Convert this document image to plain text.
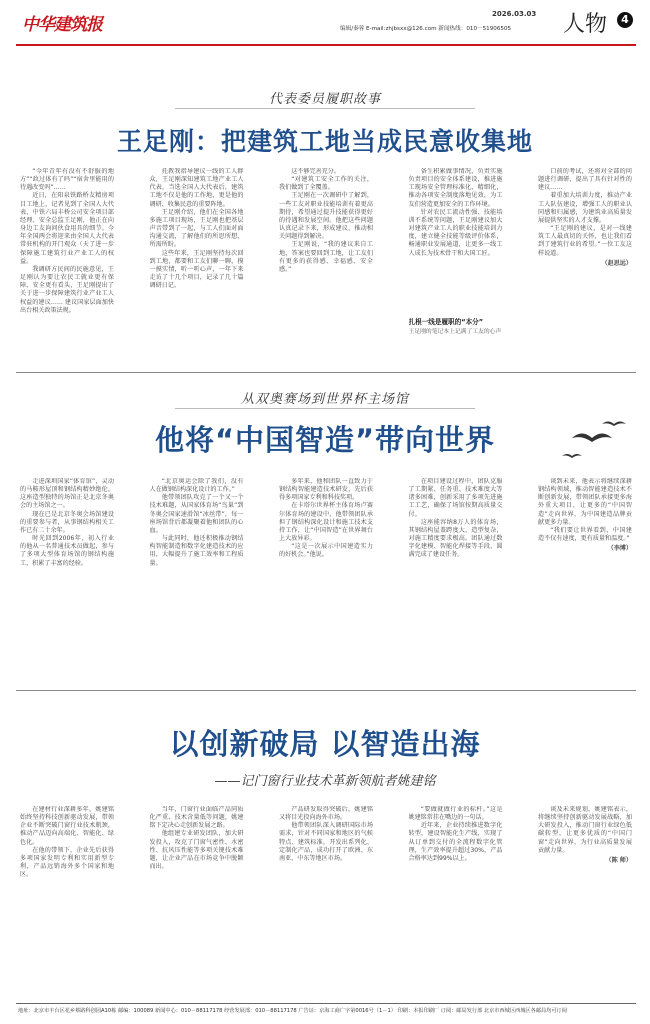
中华建筑报
2026.03.03
编辑/秦蓉 E-mail:zhjbsxx@126.com 新闻热线：010－51906505 人物	4
代表委员履职故事
王足刚：把建筑工地当成民意收集地

“今年青年有没有不舒服的地方”“政过体有了吗”“宿舍里能用的待遇改变吗”……

近日，在阳泉铁路桥友精房项目工地上，记者见到了全国人大代表、中铁六局丰桥公司安全项目部经理、安全总监王足刚，他正在向身边工友询问伙食用具的细节。今年全国两会将迎来由全国人大代表常驻机构的开门观众（天了进一步保障施工建筑行业产业工人的权益。

我调研方民间的民施意见，王足刚认为要让农民工就业更有保障、安全更有看头，王足刚提出了关于进一步保障建筑行业产业工人权益的建议…… 建议国家层面加快出台相关政策法规。

托教我指导建议一线的工人群众，王足刚深知建筑工地产业工人代表，当选全国人大代表后，建筑工地不仅是他的工作地，更是他的调研、收集民意的重要阵地。

王足刚介绍，他们在全国各地多施工项目现场，王足刚也把基层声音带到了一起，与工人们面对面沟通交流，了解他们的所思所想、所需所盼。

这些年来，王足刚坚持每次回到工地，都要和工友们聊一聊，摸一摸实情，听一听心声，一年下来走访了十几个项目，记录了几十篇调研日记。

这不够完善充分。

“对建筑工安全工作的关注，我们做到了全覆盖。

王足刚在一次调研中了解到，一些工友对职业技能培训有着更高期待，希望通过提升技能获得更好的待遇和发展空间。他把这些问题认真记录下来，形成建议，推动相关问题得到解决。

王足刚说，“我的建议来自工地，答案也要回到工地，让工友们有更多的获得感、幸福感、安全感。”

备生积累做事情况，负责实施负责项目的安全体系建设，推进施工现场安全管理标准化、精细化，推动各项安全制度落地见效，为工友们营造更加安全的工作环境。

针对农民工流动性强、技能培训不系统等问题，王足刚建议加大对建筑产业工人的职业技能培训力度，建立健全技能等级评价体系，畅通职业发展通道，让更多一线工人成长为技术骨干和大国工匠。

扎根一线是履职的“本分”
王足刚的笔记本上记满了工友的心声

口前的考试，还将对全部的问题进行调研，提出了具有针对性的建议……

着重加大培训力度，推动产业工人队伍建设，增强工人的职业认同感和归属感，为建筑业高质量发展提供坚实的人才支撑。

“王足刚的建议，是对一线建筑工人最真切的关怀，也让我们看到了建筑行业的希望。”一位工友这样说道。

（赵思远）
从双奥赛场到世界杯主场馆
他将“中国智造”带向世界

走进深圳国家“体育馆”，灵动的马鞍形屋顶和钢结构精妙绝伦，这座造型独特的场馆正是北京冬奥会的主场馆之一。

现在已是北京冬奥会场馆建设的重要参与者，从事钢结构相关工作已有二十余年。

时光回到2006年，初入行业的他从一名普通技术员做起，参与了多项大型体育场馆的钢结构施工，积累了丰富的经验。

“北京奥运会除了我们，没有人在做钢结构深化设计的工作。”

他带领团队攻克了一个又一个技术难题，从国家体育场“鸟巢”到冬奥会国家速滑馆“冰丝带”，每一座场馆背后都凝聚着他和团队的心血。

与此同时，他还积极推动钢结构智能制造和数字化建造技术的应用，大幅提升了施工效率和工程质量。

多年来，他和团队一直致力于钢结构智能建造技术研发，先后获得多项国家专利和科技奖项。

在卡塔尔世界杯主体育场卢赛尔体育场的建设中，他带领团队承担了钢结构深化设计和施工技术支持工作，让“中国智造”在世界舞台上大放异彩。

“这是一次展示中国建造实力的好机会。”他说。

在项目建设过程中，团队克服了工期紧、任务重、技术难度大等诸多困难，创新采用了多项先进施工工艺，确保了场馆按期高质量交付。

这座能容纳8万人的体育场，其钢结构屋盖跨度大、造型复杂，对施工精度要求极高。团队通过数字化建模、智能化焊接等手段，圆满完成了建设任务。

谈到未来，他表示将继续深耕钢结构领域，推动智能建造技术不断创新发展，带领团队承接更多海外重大项目，让更多的“中国智造”走向世界，为中国建造品牌贡献更多力量。

“我们要让世界看到，中国建造不仅有速度，更有质量和温度。”

（李博）
以创新破局 以智造出海
——记门窗行业技术革新领航者姚建铭

在建材行业深耕多年，姚建铭始终坚持科技创新驱动发展，带领企业不断突破门窗行业技术瓶颈，推动产品迈向高端化、智能化、绿色化。

在他的带领下，企业先后获得多项国家发明专利和实用新型专利，产品远销海外多个国家和地区。

当年，门窗行业面临产品同质化严重、技术含量低等问题，姚建铭下定决心走创新发展之路。

他组建专业研发团队，加大研发投入，攻克了门窗气密性、水密性、抗风压性能等多项关键技术难题，让企业产品在市场竞争中脱颖而出。

产品研发取得突破后，姚建铭又将目光投向海外市场。

他带领团队深入调研国际市场需求，针对不同国家和地区的气候特点、建筑标准，开发出系列化、定制化产品，成功打开了欧洲、东南亚、中东等地区市场。

“要做就做行业的标杆。”这是姚建铭常挂在嘴边的一句话。

近年来，企业持续推进数字化转型，建设智能化生产线，实现了从订单到交付的全流程数字化管理，生产效率提升超过30%，产品合格率达到99%以上。

谈及未来规划，姚建铭表示，将继续坚持创新驱动发展战略，加大研发投入，推动门窗行业绿色低碳转型，让更多优质的“中国门窗”走向世界，为行业高质量发展贡献力量。

（陈 师）
地址：北京市丰台区花乡蔡路科创园A10栋 邮编：100089 新闻中心：010－88117178 经营发展部：010－88117178 广告证：京海工商广字第0016号（1－1） 印刷：本报印刷厂 订阅：邮局发行部 北京市西城区西城区各邮局均可订阅
